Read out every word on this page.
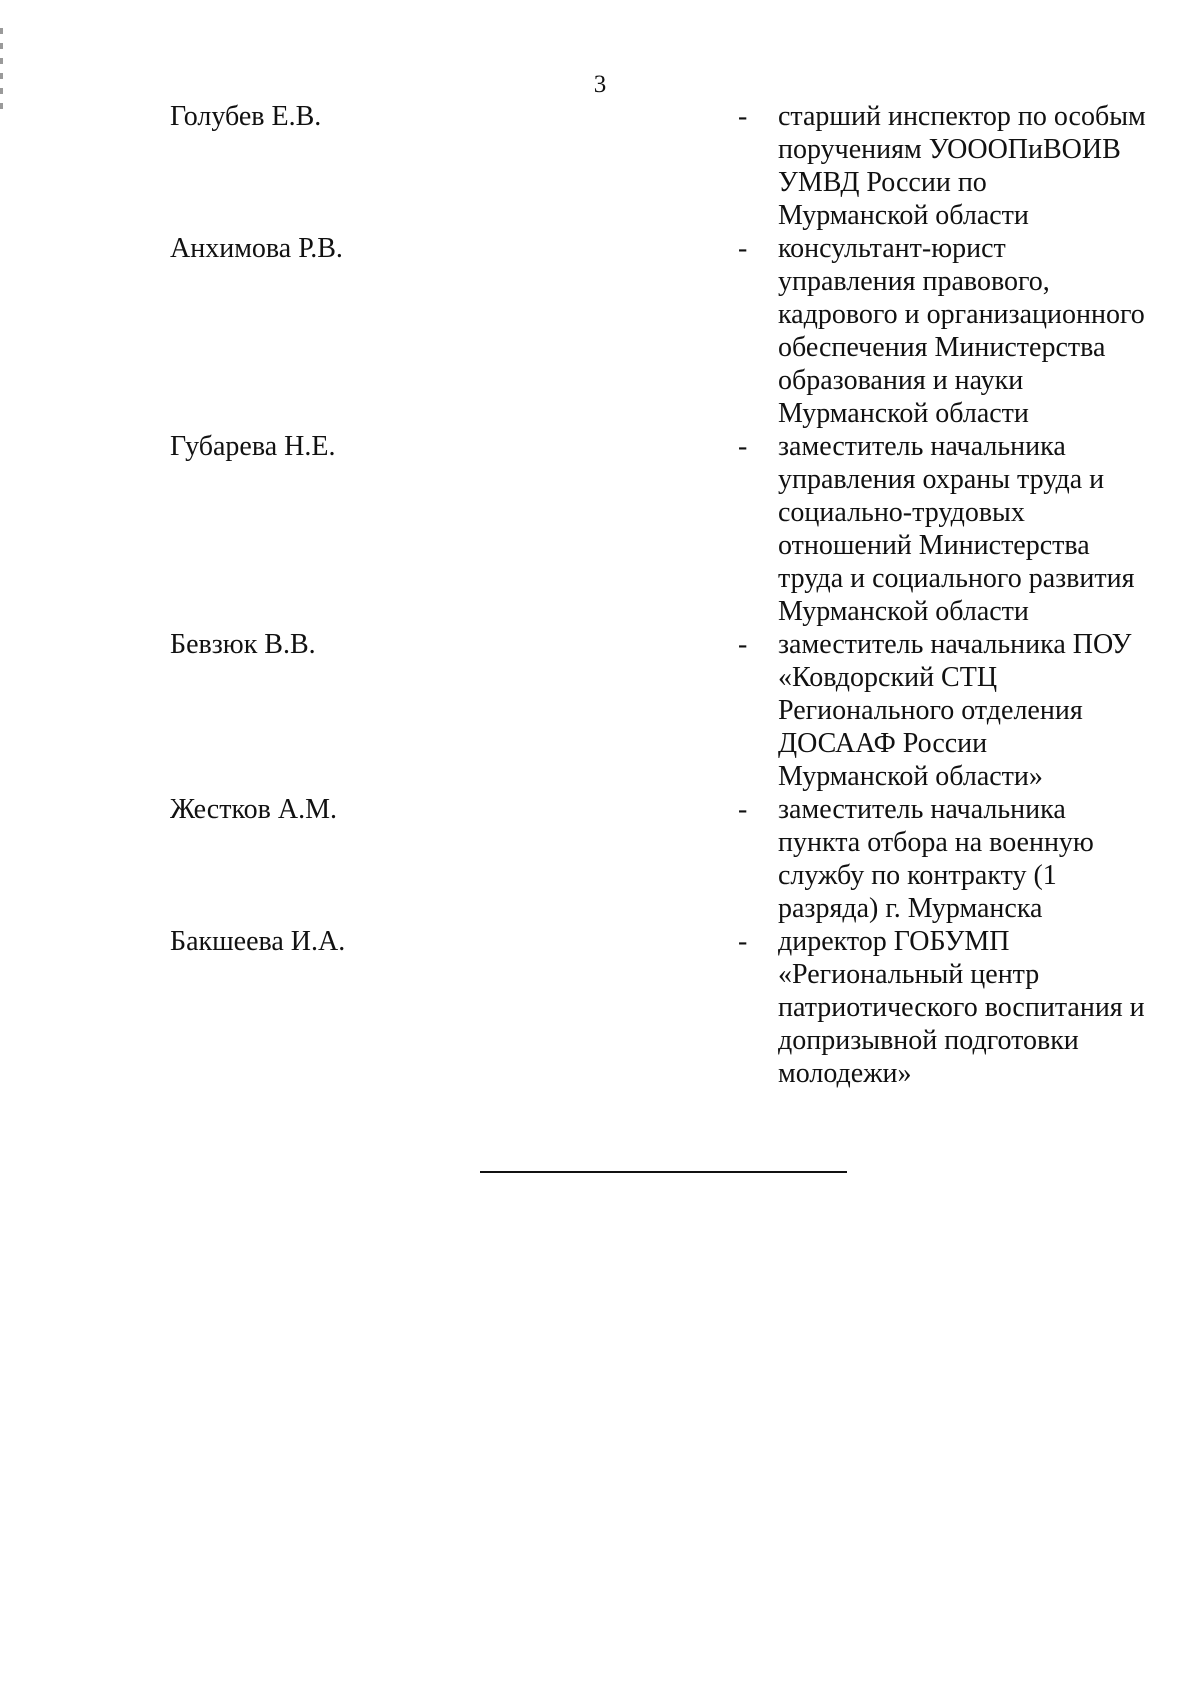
3
Голубев Е.В.	- старший инспектор по особым
поручениям УОООПиВОИВ
УМВД России по
Мурманской области
Анхимова Р.В.	- консультант-юрист
управления правового,
кадрового и организационного
обеспечения Министерства
образования и науки
Мурманской области
Губарева Н.Е.	- заместитель начальника
управления охраны труда и
социально-трудовых
отношений Министерства
труда и социального развития
Мурманской области
Бевзюк В.В.	- заместитель начальника ПОУ
«Ковдорский СТЦ
Регионального отделения
ДОСААФ России
Мурманской области»
Жестков А.М.	- заместитель начальника
пункта отбора на военную
службу по контракту (1
разряда) г. Мурманска
Бакшеева И.А.	- директор ГОБУМП
«Региональный центр
патриотического воспитания и
допризывной подготовки
молодежи»
